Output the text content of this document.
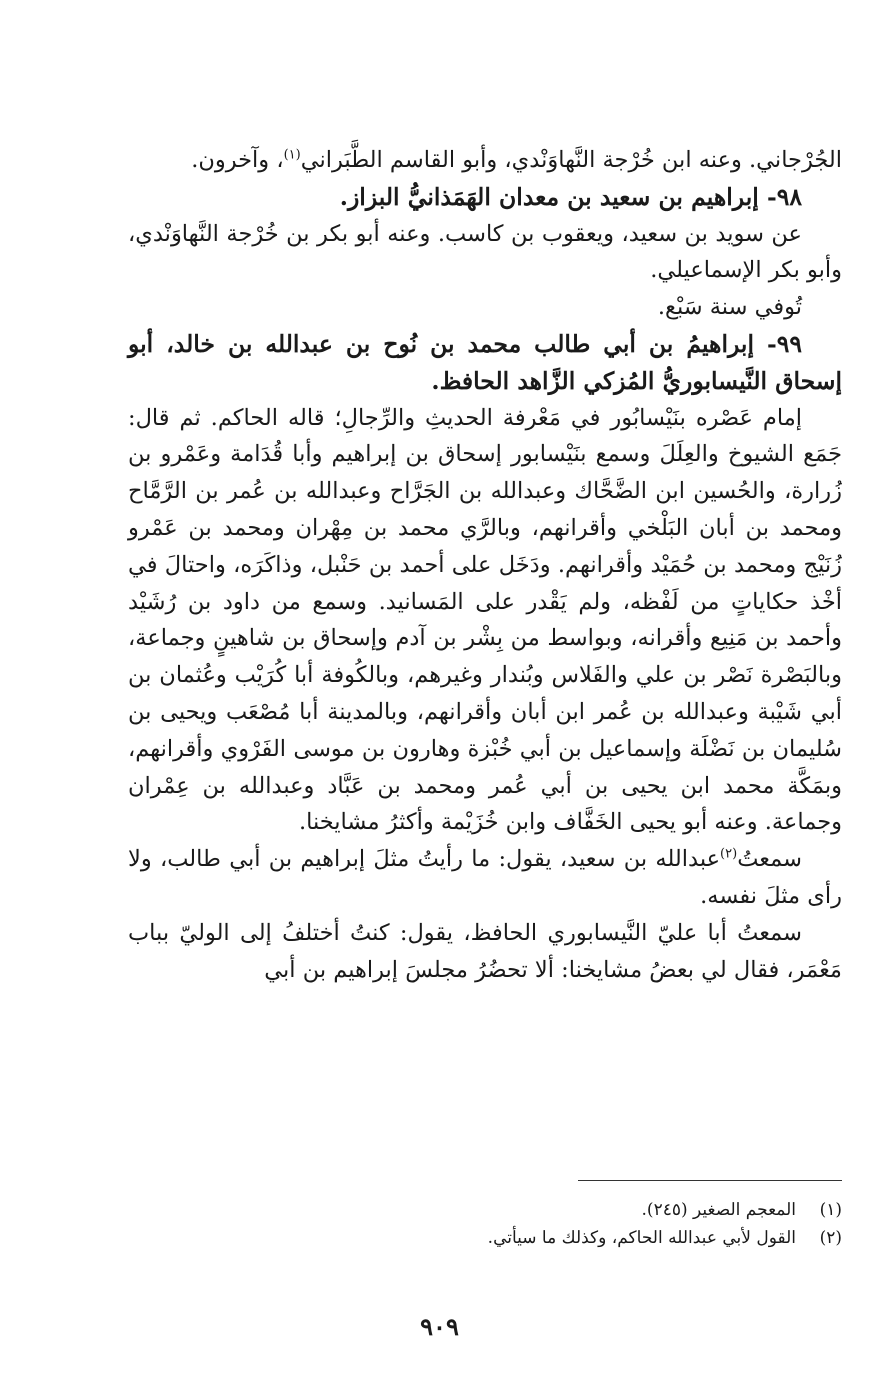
الجُرْجاني. وعنه ابن خُرْجة النَّهاوَنْدي، وأبو القاسم الطَّبَراني$^{(١)}$، وآخرون.

٩٨- إبراهيم بن سعيد بن معدان الهَمَذانيُّ البزاز.

عن سويد بن سعيد، ويعقوب بن كاسب. وعنه أبو بكر بن خُرْجة النَّهاوَنْدي، وأبو بكر الإسماعيلي.

تُوفي سنة سَبْع.

٩٩- إبراهيمُ بن أبي طالب محمد بن نُوح بن عبدالله بن خالد، أبو إسحاق النَّيسابوريُّ المُزكي الزَّاهد الحافظ.

إمام عَصْره بنَيْسابُور في مَعْرفة الحديثِ والرِّجالِ؛ قاله الحاكم. ثم قال: جَمَع الشيوخ والعِلَلَ وسمع بنَيْسابور إسحاق بن إبراهيم وأبا قُدَامة وعَمْرو بن زُرارة، والحُسين ابن الضَّحَّاك وعبدالله بن الجَرَّاح وعبدالله بن عُمر بن الرَّمَّاح ومحمد بن أبان البَلْخي وأقرانهم، وبالرَّي محمد بن مِهْران ومحمد بن عَمْرو زُنَيْج ومحمد بن حُمَيْد وأقرانهم. ودَخَل على أحمد بن حَنْبل، وذاكَرَه، واحتالَ في أخْذ حكاياتٍ من لَفْظه، ولم يَقْدر على المَسانيد. وسمع من داود بن رُشَيْد وأحمد بن مَنِيع وأقرانه، وبواسط من بِشْر بن آدم وإسحاق بن شاهينٍ وجماعة، وبالبَصْرة نَصْر بن علي والفَلاس وبُندار وغيرهم، وبالكُوفة أبا كُرَيْب وعُثمان بن أبي شَيْبة وعبدالله بن عُمر ابن أبان وأقرانهم، وبالمدينة أبا مُصْعَب ويحيى بن سُليمان بن نَضْلَة وإسماعيل بن أبي خُبْزة وهارون بن موسى الفَرْوي وأقرانهم، وبمَكَّة محمد ابن يحيى بن أبي عُمر ومحمد بن عَبَّاد وعبدالله بن عِمْران وجماعة. وعنه أبو يحيى الخَفَّاف وابن خُزَيْمة وأكثرُ مشايخنا.

سمعتُ$^{(٢)}$عبدالله بن سعيد، يقول: ما رأيتُ مثلَ إبراهيم بن أبي طالب، ولا رأى مثلَ نفسه.

سمعتُ أبا عليّ النَّيسابوري الحافظ، يقول: كنتُ أختلفُ إلى الوليّ بباب مَعْمَر، فقال لي بعضُ مشايخنا: ألا تحضُرُ مجلسَ إبراهيم بن أبي

(١)
المعجم الصغير (٢٤٥).
(٢)
القول لأبي عبدالله الحاكم، وكذلك ما سيأتي.
٩٠٩
